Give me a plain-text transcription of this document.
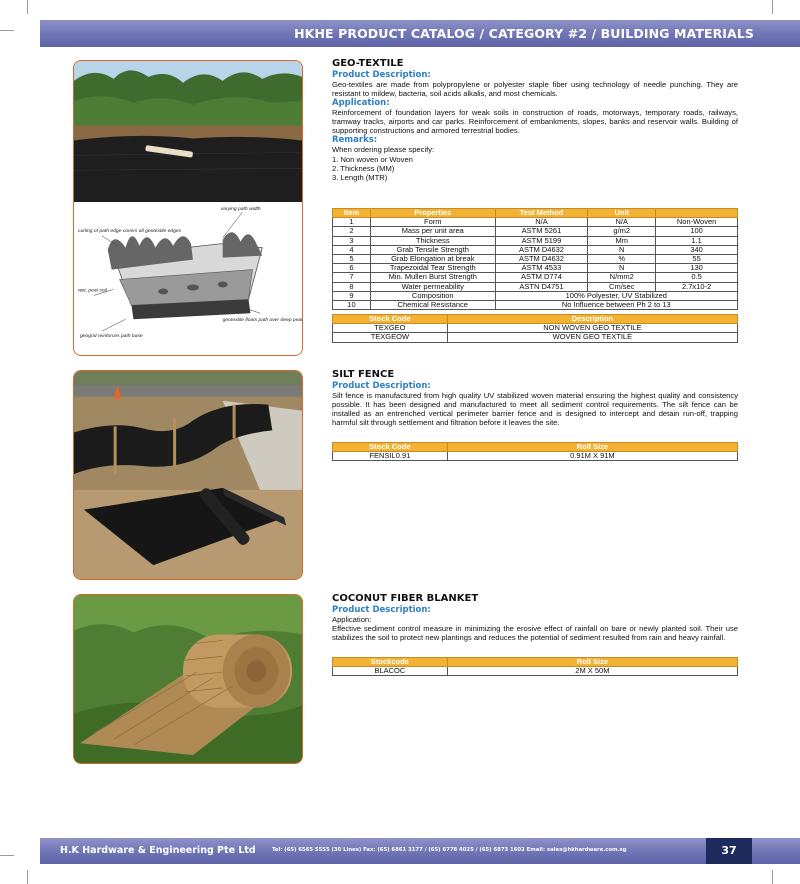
HKHE PRODUCT CATALOG / CATEGORY #2 / BUILDING MATERIALS
varying path width
curling of path edge covers all geotextile edges
wet, peat soil
geogrid reinforces path base
geotextile floats path over deep peat
GEO-TEXTILE
Product Description:
Geo-textiles are made from polypropylene or polyester staple fiber using technology of needle punching. They are resistant to mildew, bacteria, soil acids alkalis, and most chemicals.
Application:
Reinforcement of foundation layers for weak soils in construction of roads, motorways, temporary roads, railways, tramway tracks, airports and car parks. Reinforcement of embankments, slopes, banks and reservoir walls. Building of supporting constructions and armored terrestrial bodies.
Remarks:
When ordering please specify:
1. Non woven or Woven
2. Thickness (MM)
3. Length (MTR)
Item	Properties	Test Method	Unit	
1	Form	N/A	N/A	Non-Woven
2	Mass per unit area	ASTM 5261	g/m2	100
3	Thickness	ASTM 5199	Mm	1.1
4	Grab Tensile Strength	ASTM D4632	N	340
5	Grab Elongation at break	ASTM D4632	%	55
6	Trapezoidal Tear Strength	ASTM 4533	N	130
7	Min. Mullen Burst Strength	ASTM D774	N/mm2	0.5
8	Water permeability	ASTN D4751	Cm/sec	2.7x10-2
9	Composition	100% Polyester, UV Stabilized		
10	Chemical Resistance	No Influence between Ph 2 to 13		
Stock Code	Description
TEXGEO	NON WOVEN GEO TEXTILE
TEXGEOW	WOVEN GEO TEXTILE
SILT FENCE
Product Description:
Silt fence is manufactured from high quality UV stabilized woven material ensuring the highest quality and consistency possible. It has been designed and manufactured to meet all sediment control requirements. The silt fence can be installed as an entrenched vertical perimeter barrier fence and is designed to intercept and detain run-off, trapping harmful silt through settlement and filtration before it leaves the site.
Stock Code	Roll Size
FENSIL0.91	0.91M X 91M
COCONUT FIBER BLANKET
Product Description:
Application:
Effective sediment control measure in minimizing the erosive effect of rainfall on bare or newly planted soil. Their use stabilizes the soil to protect new plantings and reduces the potential of sediment resulted from rain and heavy rainfall.
Stockcode	Roll Size
BLACOC	2M X 50M
H.K Hardware & Engineering Pte Ltd	Tel: (65) 6565 5555 (30 Lines) Fax: (65) 6861 3177 / (65) 6778 4025 / (65) 6873 1602 Email: sales@hkhardware.com.sg	37
